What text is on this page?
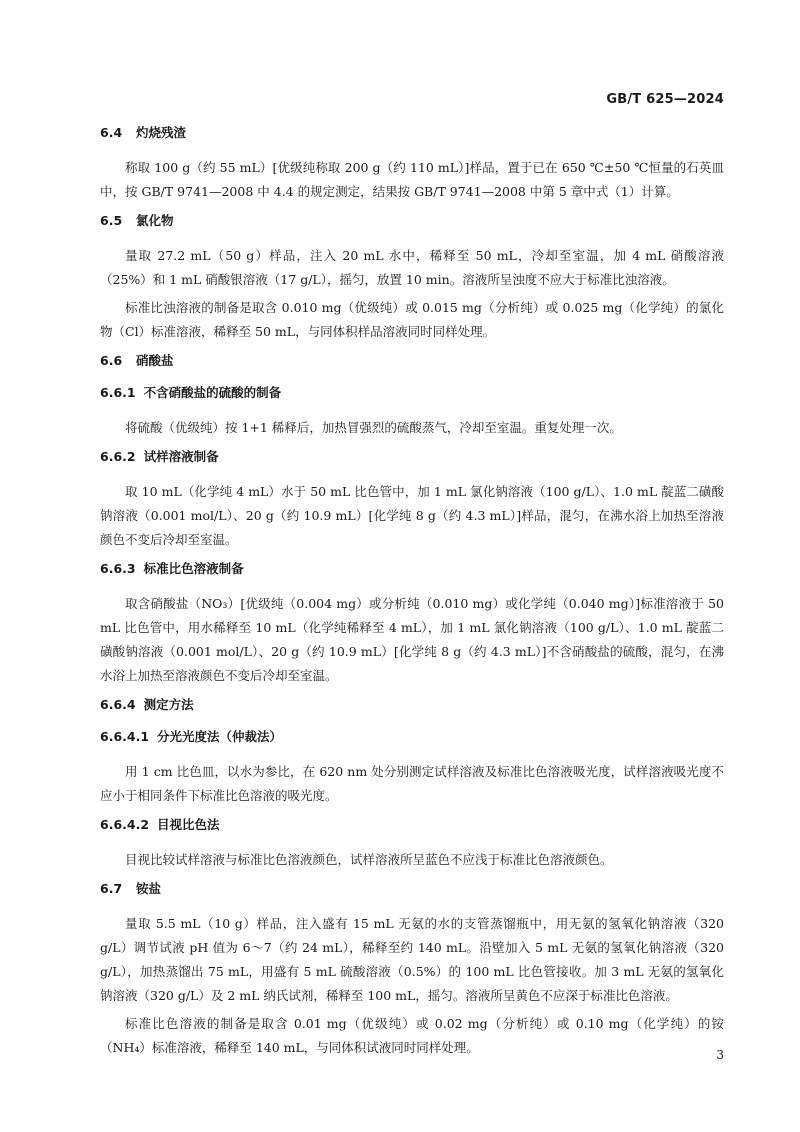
GB/T 625—2024
6.4 灼烧残渣

称取 100 g（约 55 mL）[优级纯称取 200 g（约 110 mL）]样品，置于已在 650 ℃±50 ℃恒量的石英皿中，按 GB/T 9741—2008 中 4.4 的规定测定，结果按 GB/T 9741—2008 中第 5 章中式（1）计算。

6.5 氯化物

量取 27.2 mL（50 g）样品，注入 20 mL 水中，稀释至 50 mL，冷却至室温，加 4 mL 硝酸溶液（25%）和 1 mL 硝酸银溶液（17 g/L），摇匀，放置 10 min。溶液所呈浊度不应大于标准比浊溶液。

标准比浊溶液的制备是取含 0.010 mg（优级纯）或 0.015 mg（分析纯）或 0.025 mg（化学纯）的氯化物（Cl）标准溶液，稀释至 50 mL，与同体积样品溶液同时同样处理。

6.6 硝酸盐
6.6.1 不含硝酸盐的硫酸的制备

将硫酸（优级纯）按 1+1 稀释后，加热冒强烈的硫酸蒸气，冷却至室温。重复处理一次。

6.6.2 试样溶液制备

取 10 mL（化学纯 4 mL）水于 50 mL 比色管中，加 1 mL 氯化钠溶液（100 g/L）、1.0 mL 靛蓝二磺酸钠溶液（0.001 mol/L）、20 g（约 10.9 mL）[化学纯 8 g（约 4.3 mL）]样品，混匀，在沸水浴上加热至溶液颜色不变后冷却至室温。

6.6.3 标准比色溶液制备

取含硝酸盐（NO₃）[优级纯（0.004 mg）或分析纯（0.010 mg）或化学纯（0.040 mg）]标准溶液于 50 mL 比色管中，用水稀释至 10 mL（化学纯稀释至 4 mL），加 1 mL 氯化钠溶液（100 g/L）、1.0 mL 靛蓝二磺酸钠溶液（0.001 mol/L）、20 g（约 10.9 mL）[化学纯 8 g（约 4.3 mL）]不含硝酸盐的硫酸，混匀，在沸水浴上加热至溶液颜色不变后冷却至室温。

6.6.4 测定方法
6.6.4.1 分光光度法（仲裁法）

用 1 cm 比色皿，以水为参比，在 620 nm 处分别测定试样溶液及标准比色溶液吸光度，试样溶液吸光度不应小于相同条件下标准比色溶液的吸光度。

6.6.4.2 目视比色法

目视比较试样溶液与标准比色溶液颜色，试样溶液所呈蓝色不应浅于标准比色溶液颜色。

6.7 铵盐

量取 5.5 mL（10 g）样品，注入盛有 15 mL 无氨的水的支管蒸馏瓶中，用无氨的氢氧化钠溶液（320 g/L）调节试液 pH 值为 6～7（约 24 mL），稀释至约 140 mL。沿壁加入 5 mL 无氨的氢氧化钠溶液（320 g/L），加热蒸馏出 75 mL，用盛有 5 mL 硫酸溶液（0.5%）的 100 mL 比色管接收。加 3 mL 无氨的氢氧化钠溶液（320 g/L）及 2 mL 纳氏试剂，稀释至 100 mL，摇匀。溶液所呈黄色不应深于标准比色溶液。

标准比色溶液的制备是取含 0.01 mg（优级纯）或 0.02 mg（分析纯）或 0.10 mg（化学纯）的铵（NH₄）标准溶液，稀释至 140 mL，与同体积试液同时同样处理。	3
